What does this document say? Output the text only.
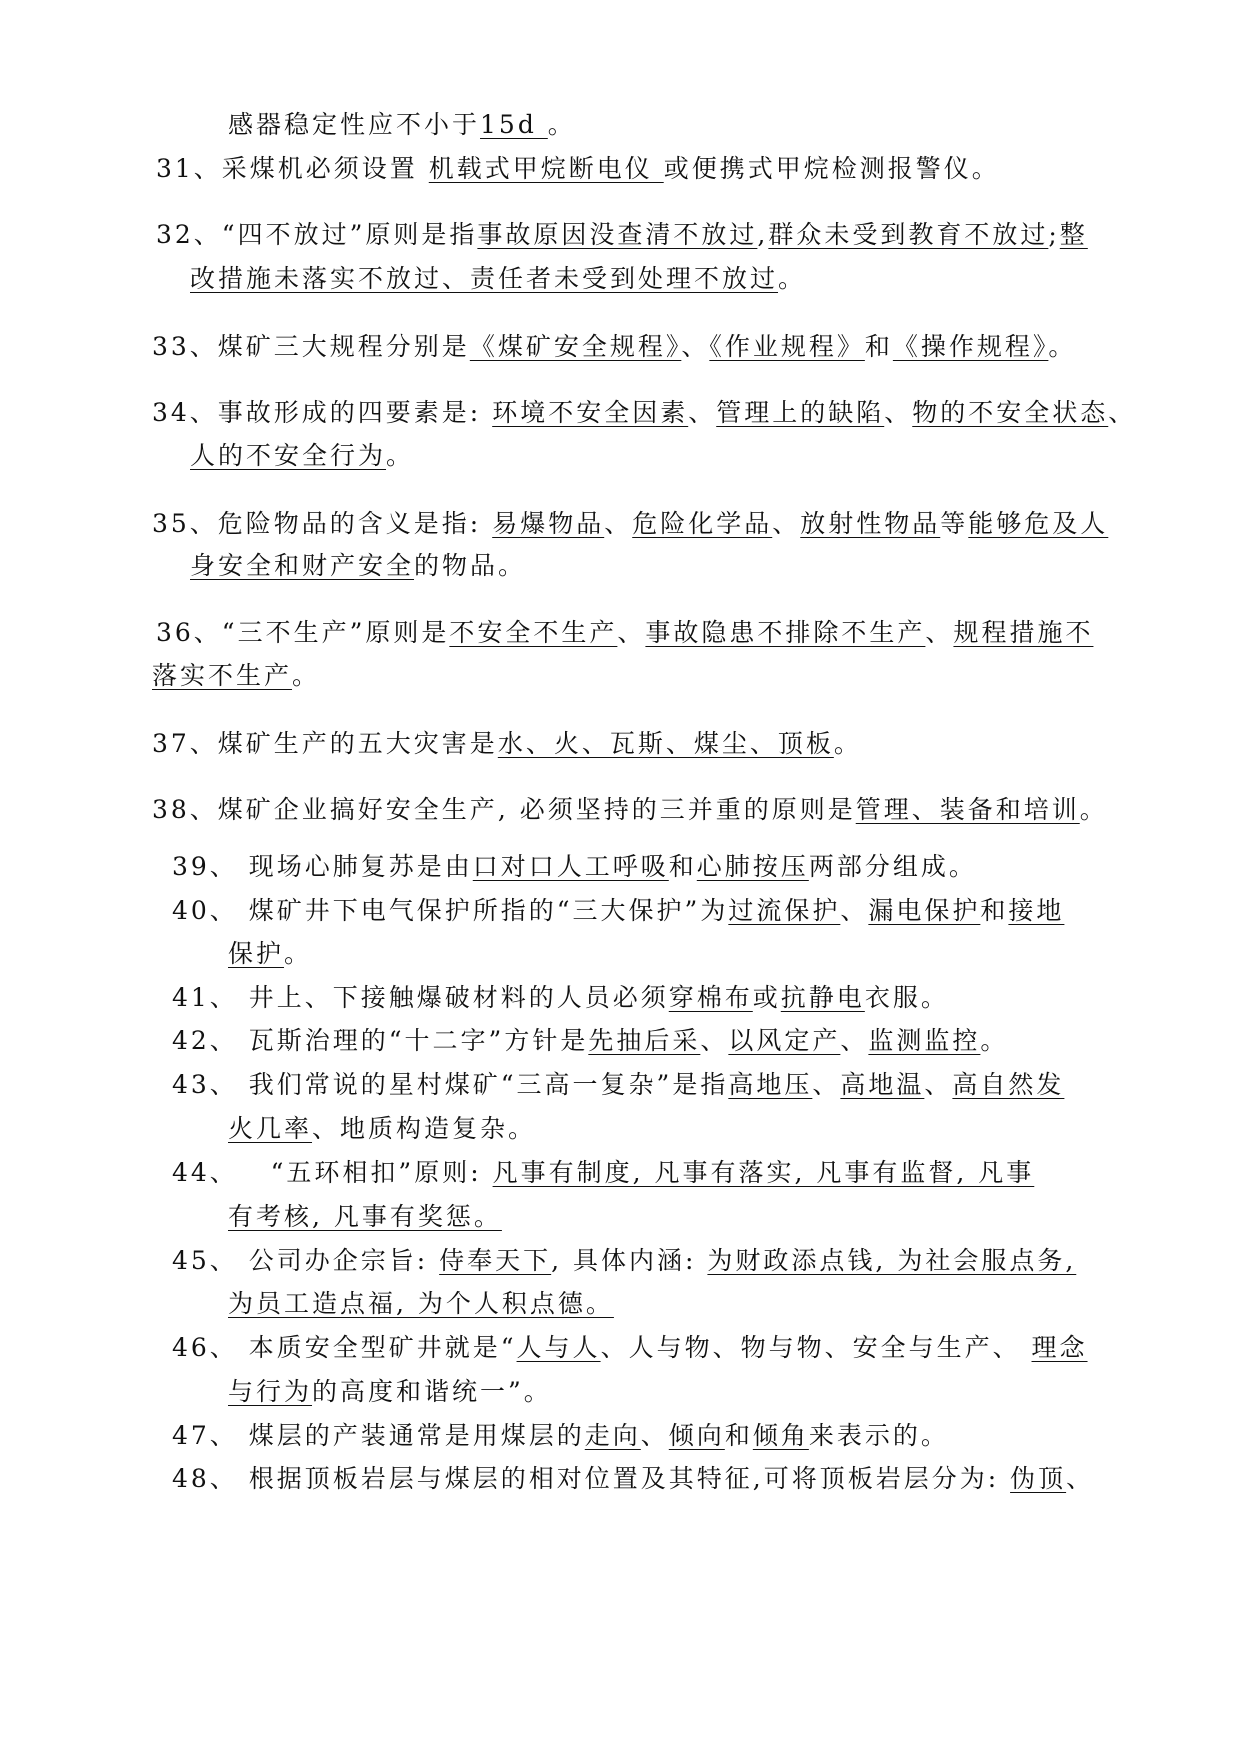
感器稳定性应不小于15d 。
31、采煤机必须设置 机载式甲烷断电仪 或便携式甲烷检测报警仪。
32、“四不放过”原则是指事故原因没查清不放过,群众未受到教育不放过;整
改措施未落实不放过、责任者未受到处理不放过。
33、煤矿三大规程分别是《煤矿安全规程》、《作业规程》和《操作规程》。
34、事故形成的四要素是: 环境不安全因素、管理上的缺陷、物的不安全状态、
人的不安全行为。
35、危险物品的含义是指: 易爆物品、危险化学品、放射性物品等能够危及人
身安全和财产安全的物品。
36、“三不生产”原则是不安全不生产、事故隐患不排除不生产、规程措施不
落实不生产。
37、煤矿生产的五大灾害是水、火、瓦斯、煤尘、顶板。
38、煤矿企业搞好安全生产, 必须坚持的三并重的原则是管理、装备和培训。
39、 现场心肺复苏是由口对口人工呼吸和心肺按压两部分组成。
40、 煤矿井下电气保护所指的“三大保护”为过流保护、漏电保护和接地
保护。
41、 井上、下接触爆破材料的人员必须穿棉布或抗静电衣服。
42、 瓦斯治理的“十二字”方针是先抽后采、以风定产、监测监控。
43、 我们常说的星村煤矿“三高一复杂”是指高地压、高地温、高自然发
火几率、地质构造复杂。
44、   “五环相扣”原则: 凡事有制度, 凡事有落实, 凡事有监督, 凡事
有考核, 凡事有奖惩。
45、 公司办企宗旨: 侍奉天下, 具体内涵: 为财政添点钱, 为社会服点务,
为员工造点福, 为个人积点德。
46、 本质安全型矿井就是“人与人、人与物、物与物、安全与生产、 理念
与行为的高度和谐统一”。
47、 煤层的产装通常是用煤层的走向、倾向和倾角来表示的。
48、 根据顶板岩层与煤层的相对位置及其特征,可将顶板岩层分为: 伪顶、
